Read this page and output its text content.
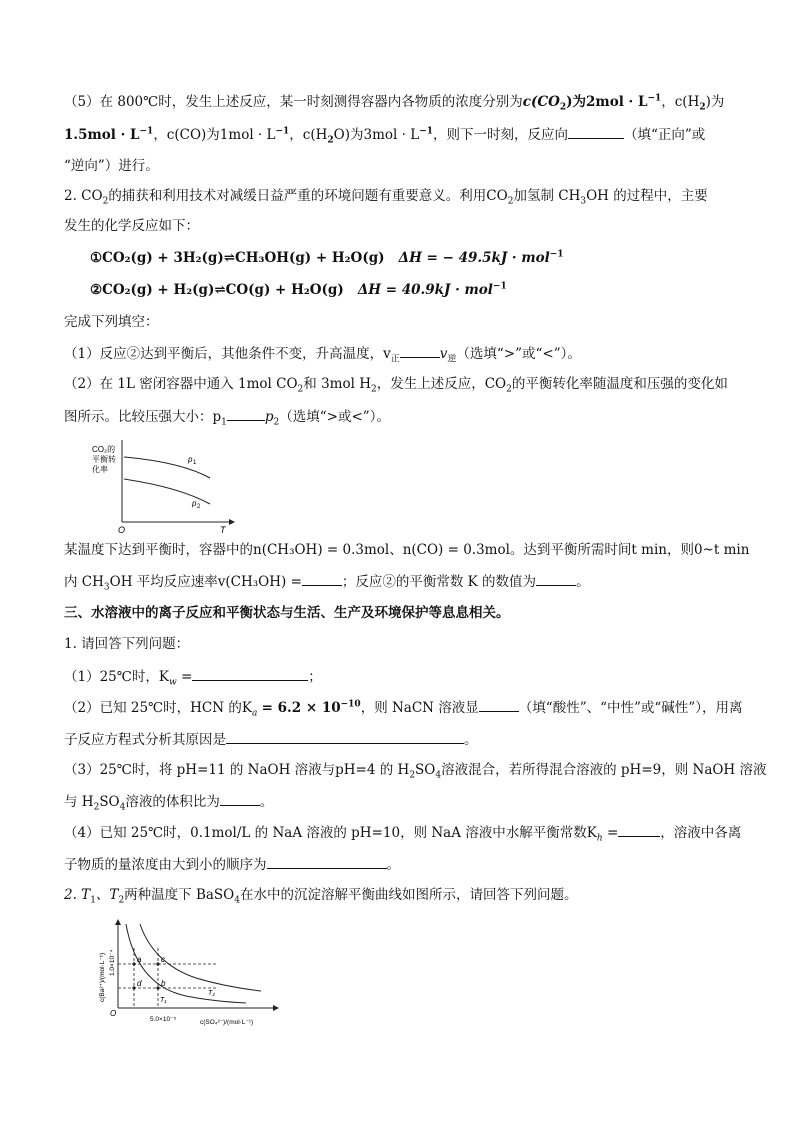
（5）在 800℃时，发生上述反应，某一时刻测得容器内各物质的浓度分别为$c(CO_2)$为$2mol \cdot L^{-1}$，$c(H_2)$为
$1.5mol \cdot L^{-1}$，c(CO)为$1mol \cdot L^{-1}$，$c(H_2O)$为$3mol \cdot L^{-1}$，则下一时刻，反应向	（填“正向”或
“逆向”）进行。
2. $CO_2$的捕获和利用技术对减缓日益严重的环境问题有重要意义。利用$CO_2$加氢制 $CH_3OH$ 的过程中，主要
发生的化学反应如下：
①CO₂(g) + 3H₂(g)⇌CH₃OH(g) + H₂O(g) ΔH = − 49.5kJ · mol$^{-1}$
②CO₂(g) + H₂(g)⇌CO(g) + H₂O(g) ΔH = 40.9kJ · mol$^{-1}$
完成下列填空：
（1）反应②达到平衡后，其他条件不变，升高温度，$v_正$	$v_逆$（选填“>”或“<”）。
（2）在 1L 密闭容器中通入 1mol $CO_2$和 3mol $H_2$，发生上述反应，$CO_2$的平衡转化率随温度和压强的变化如
图所示。比较压强大小：$p_1$	$p_2$（选填“>或<”）。
CO₂的
平衡转
化率
p 1
p 2
O	T
某温度下达到平衡时，容器中的n(CH₃OH) = 0.3mol、n(CO) = 0.3mol。达到平衡所需时间t min，则0~t min
内 $CH_3OH$ 平均反应速率v(CH₃OH) =	；反应②的平衡常数 K 的数值为	。
三、水溶液中的离子反应和平衡状态与生活、生产及环境保护等息息相关。
1. 请回答下列问题：
（1）25℃时，$K_w$ =	；
（2）已知 25℃时，HCN 的$K_a = 6.2 \times 10^{-10}$，则 NaCN 溶液显	（填“酸性”、“中性”或“碱性”），用离
子反应方程式分析其原因是	。
（3）25℃时，将 pH=11 的 NaOH 溶液与pH=4 的 $H_2SO_4$溶液混合，若所得混合溶液的 pH=9，则 NaOH 溶液
与 $H_2SO_4$溶液的体积比为	。
（4）已知 25℃时，0.1mol/L 的 NaA 溶液的 pH=10，则 NaA 溶液中水解平衡常数$K_h$ =	，溶液中各离
子物质的量浓度由大到小的顺序为	。
2. $T_1$、$T_2$两种温度下 BaSO$_4$在水中的沉淀溶解平衡曲线如图所示，请回答下列问题。
a c
d b
T₁
T₂
O
5.0×10⁻⁵	c(SO₄²⁻)/(mol·L⁻¹)
1.0×10⁻⁴
c(Ba²⁺)/(mol·L⁻¹)
